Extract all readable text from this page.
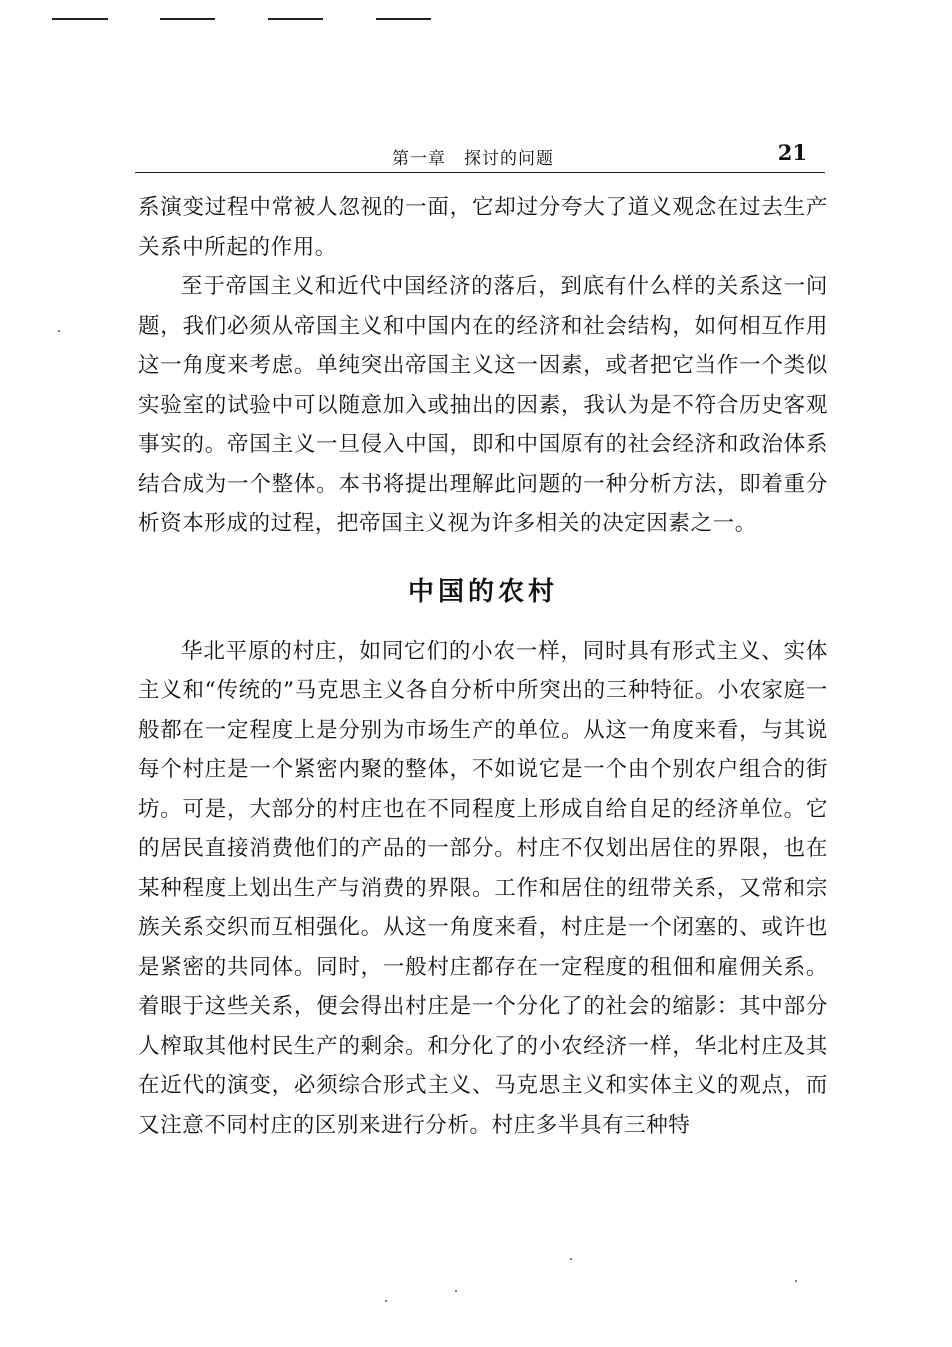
第一章　探讨的问题	21

系演变过程中常被人忽视的一面，它却过分夸大了道义观念在过去生产关系中所起的作用。

至于帝国主义和近代中国经济的落后，到底有什么样的关系这一问题，我们必须从帝国主义和中国内在的经济和社会结构，如何相互作用这一角度来考虑。单纯突出帝国主义这一因素，或者把它当作一个类似实验室的试验中可以随意加入或抽出的因素，我认为是不符合历史客观事实的。帝国主义一旦侵入中国，即和中国原有的社会经济和政治体系结合成为一个整体。本书将提出理解此问题的一种分析方法，即着重分析资本形成的过程，把帝国主义视为许多相关的决定因素之一。

中国的农村

华北平原的村庄，如同它们的小农一样，同时具有形式主义、实体主义和“传统的”马克思主义各自分析中所突出的三种特征。小农家庭一般都在一定程度上是分别为市场生产的单位。从这一角度来看，与其说每个村庄是一个紧密内聚的整体，不如说它是一个由个别农户组合的街坊。可是，大部分的村庄也在不同程度上形成自给自足的经济单位。它的居民直接消费他们的产品的一部分。村庄不仅划出居住的界限，也在某种程度上划出生产与消费的界限。工作和居住的纽带关系，又常和宗族关系交织而互相强化。从这一角度来看，村庄是一个闭塞的、或许也是紧密的共同体。同时，一般村庄都存在一定程度的租佃和雇佣关系。着眼于这些关系，便会得出村庄是一个分化了的社会的缩影：其中部分人榨取其他村民生产的剩余。和分化了的小农经济一样，华北村庄及其在近代的演变，必须综合形式主义、马克思主义和实体主义的观点，而又注意不同村庄的区别来进行分析。村庄多半具有三种特
